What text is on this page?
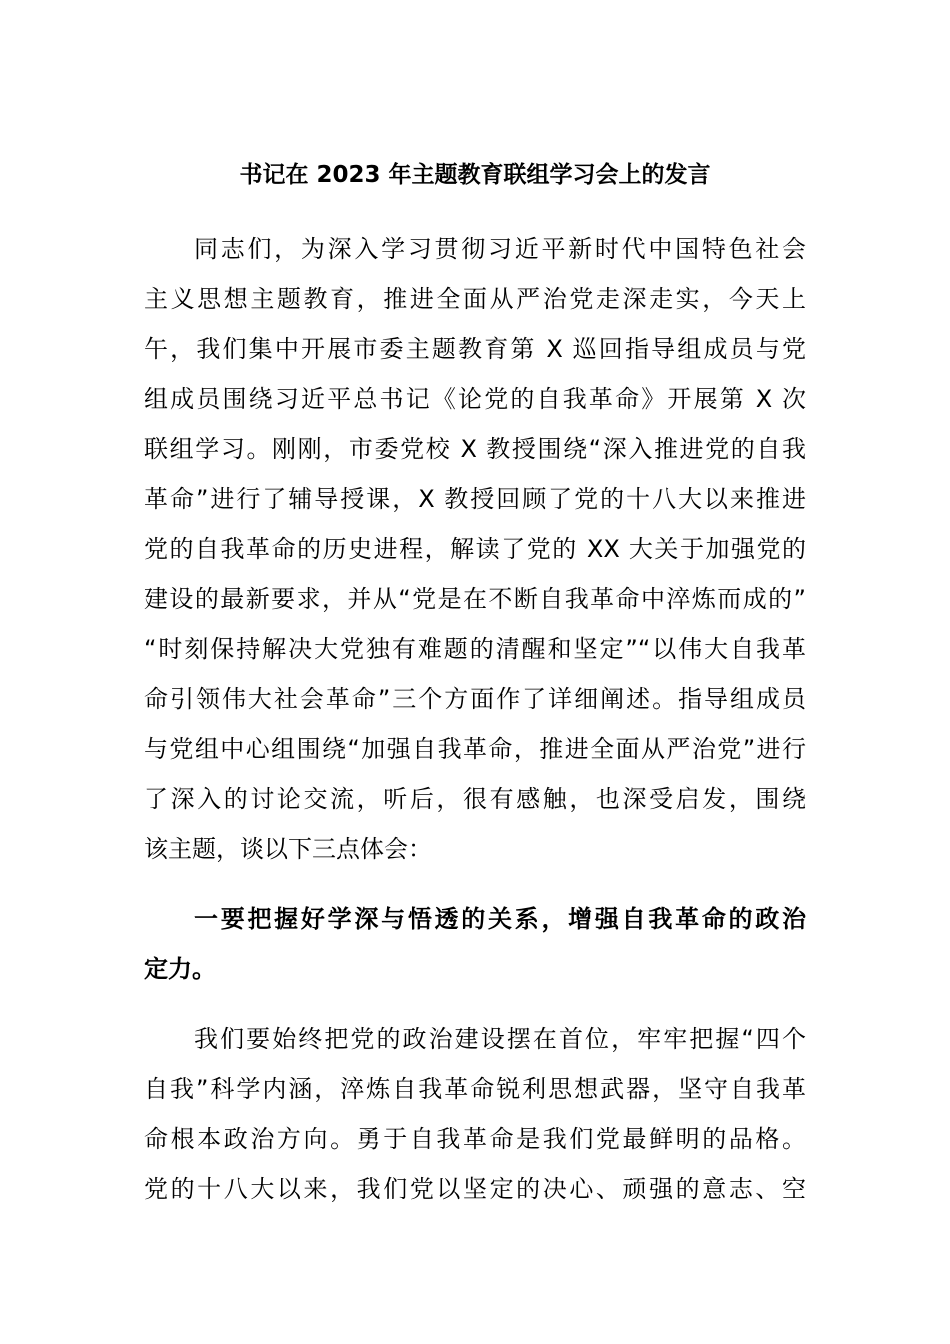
书记在 2023 年主题教育联组学习会上的发言
同志们，为深入学习贯彻习近平新时代中国特色社会
主义思想主题教育，推进全面从严治党走深走实，今天上
午，我们集中开展市委主题教育第 X 巡回指导组成员与党
组成员围绕习近平总书记《论党的自我革命》开展第 X 次
联组学习。刚刚，市委党校 X 教授围绕“深入推进党的自我
革命”进行了辅导授课，X 教授回顾了党的十八大以来推进
党的自我革命的历史进程，解读了党的 XX 大关于加强党的
建设的最新要求，并从“党是在不断自我革命中淬炼而成的”
“时刻保持解决大党独有难题的清醒和坚定”“以伟大自我革
命引领伟大社会革命”三个方面作了详细阐述。指导组成员
与党组中心组围绕“加强自我革命，推进全面从严治党”进行
了深入的讨论交流，听后，很有感触，也深受启发，围绕
该主题，谈以下三点体会：
一要把握好学深与悟透的关系，增强自我革命的政治
定力。
我们要始终把党的政治建设摆在首位，牢牢把握“四个
自我”科学内涵，淬炼自我革命锐利思想武器，坚守自我革
命根本政治方向。勇于自我革命是我们党最鲜明的品格。
党的十八大以来，我们党以坚定的决心、顽强的意志、空
